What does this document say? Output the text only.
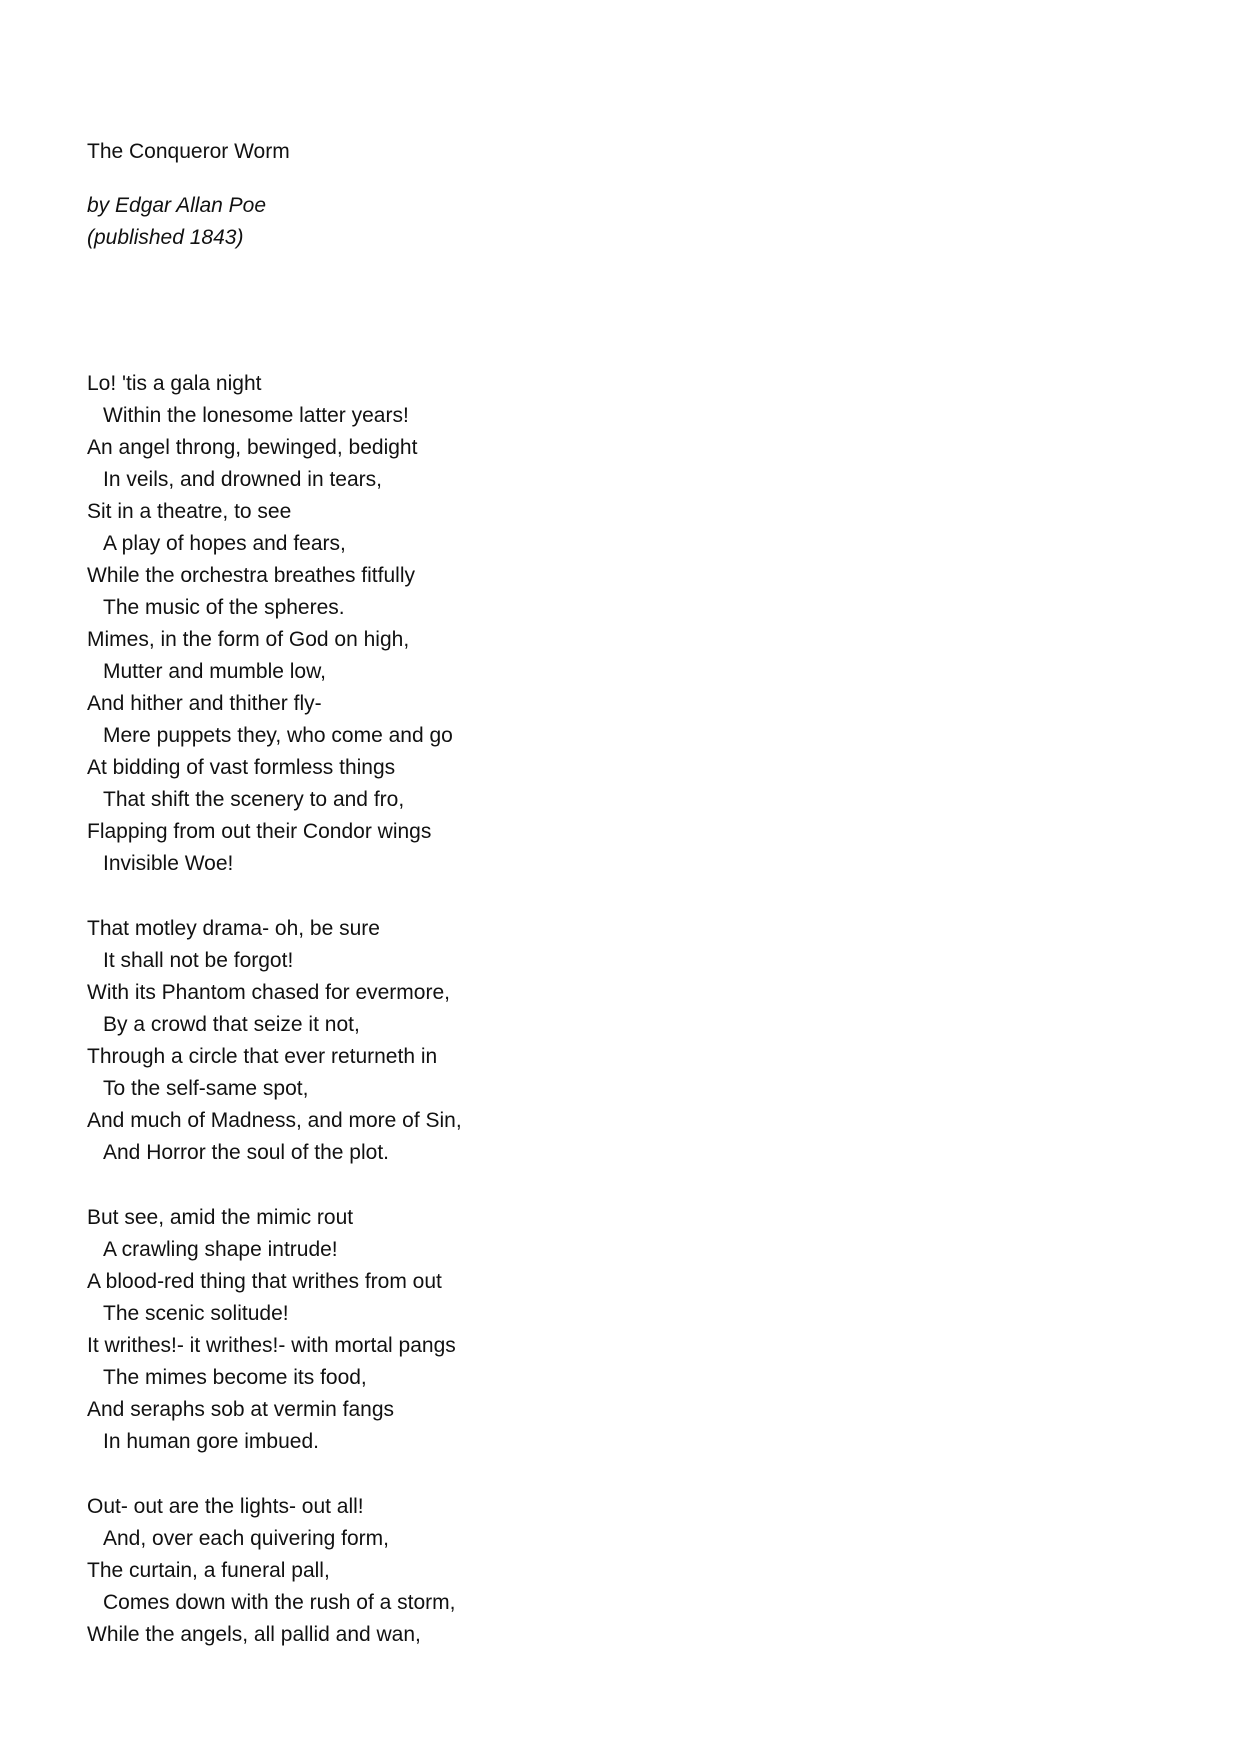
The Conqueror Worm
by Edgar Allan Poe
(published 1843)
Lo! 'tis a gala night
Within the lonesome latter years!
An angel throng, bewinged, bedight
In veils, and drowned in tears,
Sit in a theatre, to see
A play of hopes and fears,
While the orchestra breathes fitfully
The music of the spheres.
Mimes, in the form of God on high,
Mutter and mumble low,
And hither and thither fly-
Mere puppets they, who come and go
At bidding of vast formless things
That shift the scenery to and fro,
Flapping from out their Condor wings
Invisible Woe!
That motley drama- oh, be sure
It shall not be forgot!
With its Phantom chased for evermore,
By a crowd that seize it not,
Through a circle that ever returneth in
To the self-same spot,
And much of Madness, and more of Sin,
And Horror the soul of the plot.
But see, amid the mimic rout
A crawling shape intrude!
A blood-red thing that writhes from out
The scenic solitude!
It writhes!- it writhes!- with mortal pangs
The mimes become its food,
And seraphs sob at vermin fangs
In human gore imbued.
Out- out are the lights- out all!
And, over each quivering form,
The curtain, a funeral pall,
Comes down with the rush of a storm,
While the angels, all pallid and wan,
